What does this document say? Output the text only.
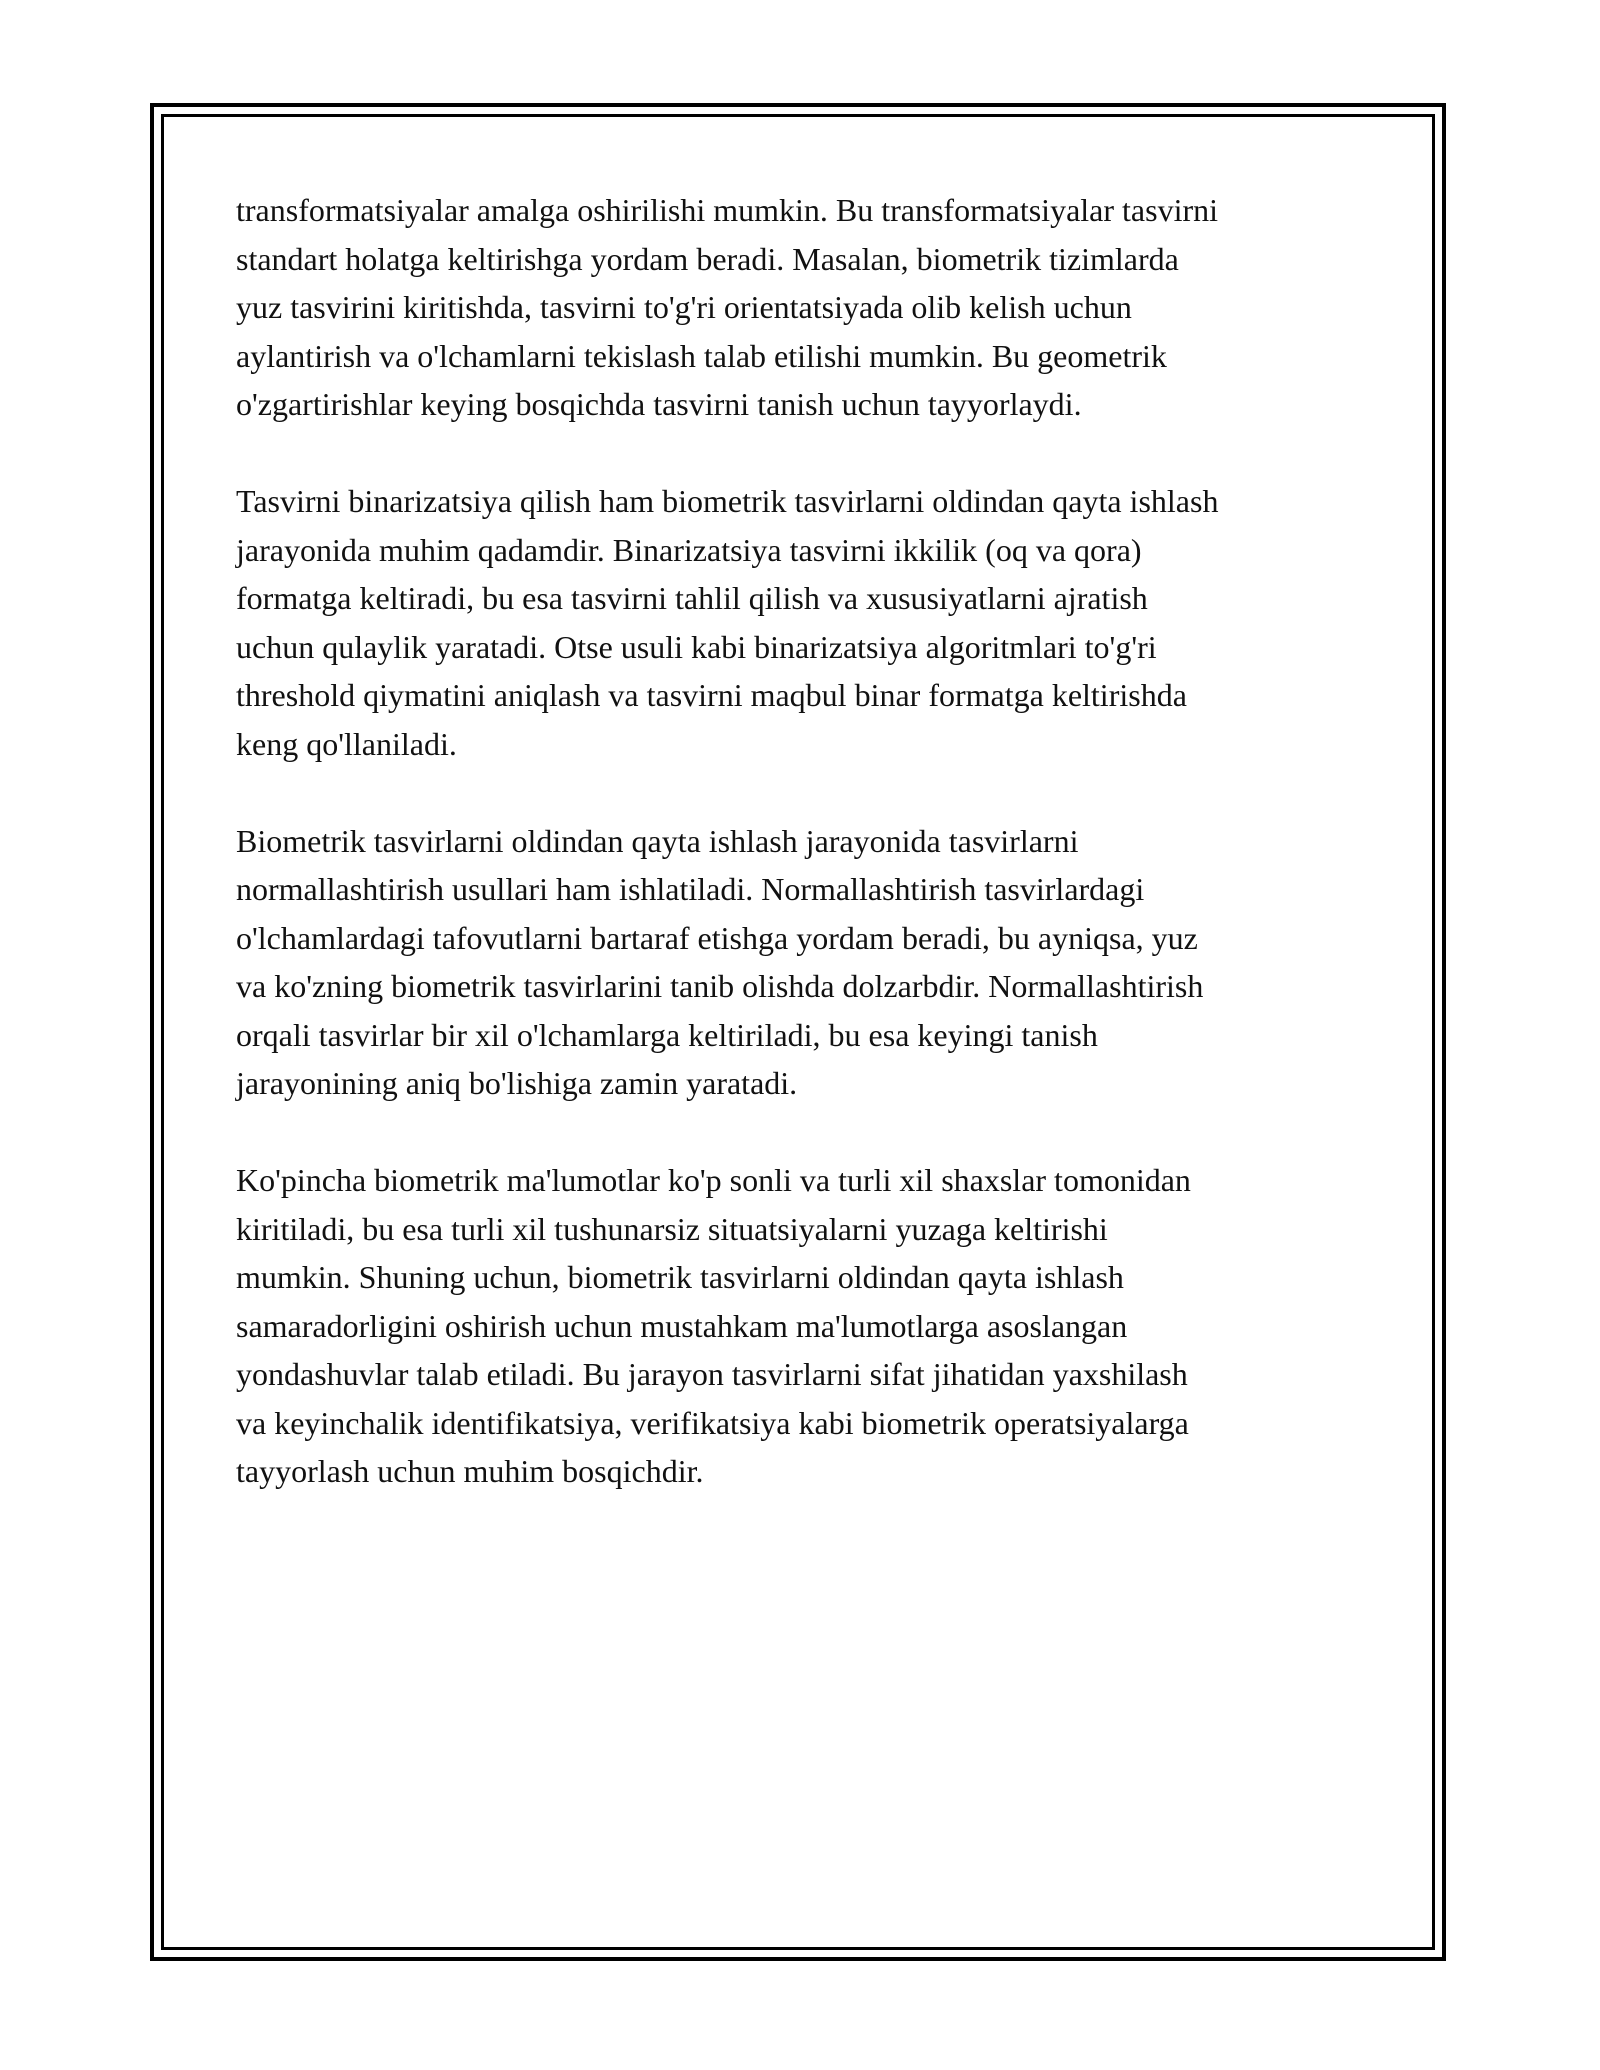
transformatsiyalar amalga oshirilishi mumkin. Bu transformatsiyalar tasvirni
standart holatga keltirishga yordam beradi. Masalan, biometrik tizimlarda
yuz tasvirini kiritishda, tasvirni to'g'ri orientatsiyada olib kelish uchun
aylantirish va o'lchamlarni tekislash talab etilishi mumkin. Bu geometrik
o'zgartirishlar keying bosqichda tasvirni tanish uchun tayyorlaydi.

Tasvirni binarizatsiya qilish ham biometrik tasvirlarni oldindan qayta ishlash
jarayonida muhim qadamdir. Binarizatsiya tasvirni ikkilik (oq va qora)
formatga keltiradi, bu esa tasvirni tahlil qilish va xususiyatlarni ajratish
uchun qulaylik yaratadi. Otse usuli kabi binarizatsiya algoritmlari to'g'ri
threshold qiymatini aniqlash va tasvirni maqbul binar formatga keltirishda
keng qo'llaniladi.

Biometrik tasvirlarni oldindan qayta ishlash jarayonida tasvirlarni
normallashtirish usullari ham ishlatiladi. Normallashtirish tasvirlardagi
o'lchamlardagi tafovutlarni bartaraf etishga yordam beradi, bu ayniqsa, yuz
va ko'zning biometrik tasvirlarini tanib olishda dolzarbdir. Normallashtirish
orqali tasvirlar bir xil o'lchamlarga keltiriladi, bu esa keyingi tanish
jarayonining aniq bo'lishiga zamin yaratadi.

Ko'pincha biometrik ma'lumotlar ko'p sonli va turli xil shaxslar tomonidan
kiritiladi, bu esa turli xil tushunarsiz situatsiyalarni yuzaga keltirishi
mumkin. Shuning uchun, biometrik tasvirlarni oldindan qayta ishlash
samaradorligini oshirish uchun mustahkam ma'lumotlarga asoslangan
yondashuvlar talab etiladi. Bu jarayon tasvirlarni sifat jihatidan yaxshilash
va keyinchalik identifikatsiya, verifikatsiya kabi biometrik operatsiyalarga
tayyorlash uchun muhim bosqichdir.
